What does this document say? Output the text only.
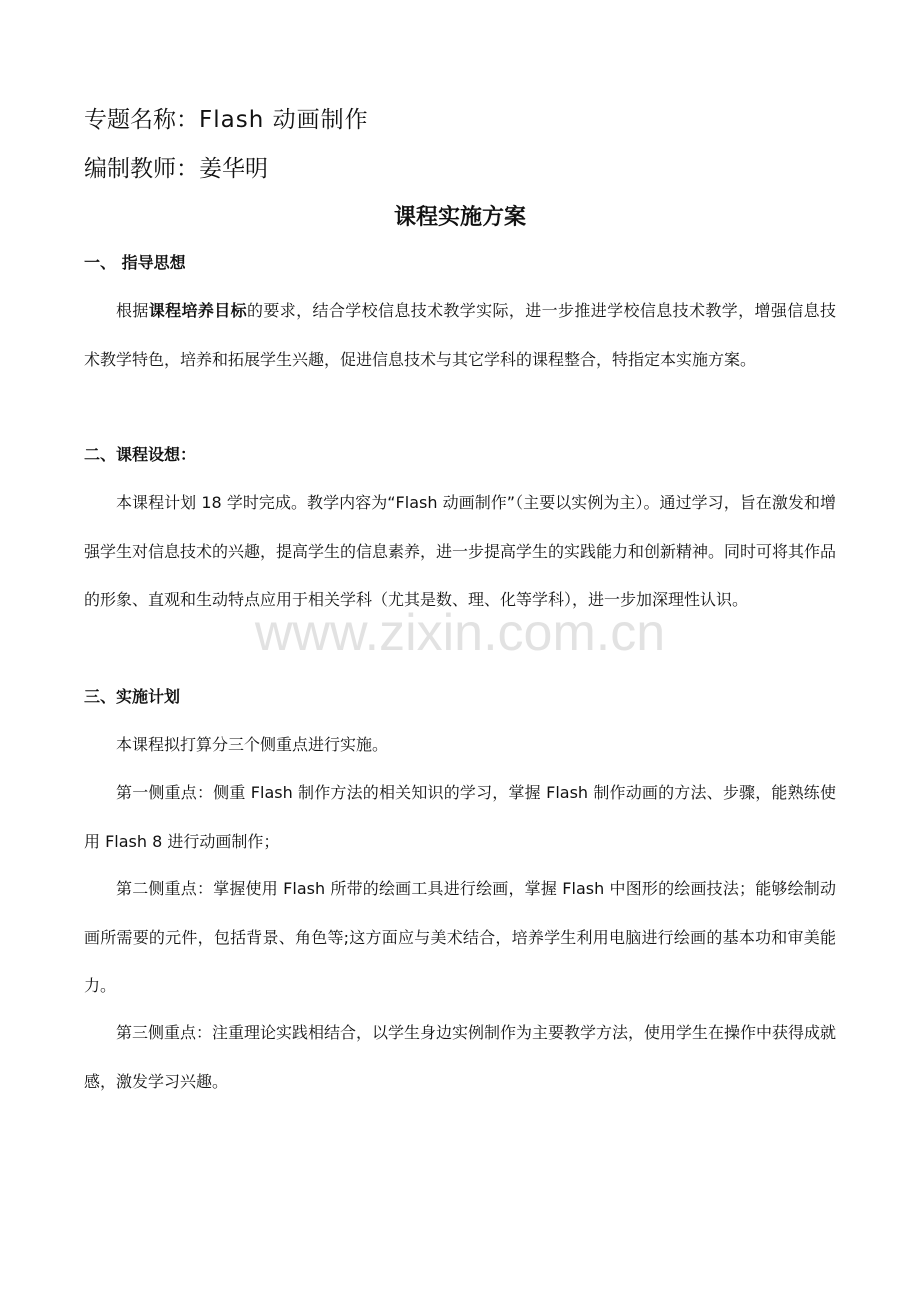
专题名称：Flash 动画制作
编制教师：姜华明
课程实施方案
一、 指导思想

根据课程培养目标的要求，结合学校信息技术教学实际，进一步推进学校信息技术教学，增强信息技术教学特色，培养和拓展学生兴趣，促进信息技术与其它学科的课程整合，特指定本实施方案。

二、课程设想：

本课程计划 18 学时完成。教学内容为“Flash 动画制作”（主要以实例为主）。通过学习，旨在激发和增强学生对信息技术的兴趣，提高学生的信息素养，进一步提高学生的实践能力和创新精神。同时可将其作品的形象、直观和生动特点应用于相关学科（尤其是数、理、化等学科），进一步加深理性认识。

三、实施计划

本课程拟打算分三个侧重点进行实施。

第一侧重点：侧重 Flash 制作方法的相关知识的学习，掌握 Flash 制作动画的方法、步骤，能熟练使用 Flash 8 进行动画制作；

第二侧重点：掌握使用 Flash 所带的绘画工具进行绘画，掌握 Flash 中图形的绘画技法；能够绘制动画所需要的元件，包括背景、角色等;这方面应与美术结合，培养学生利用电脑进行绘画的基本功和审美能力。

第三侧重点：注重理论实践相结合，以学生身边实例制作为主要教学方法，使用学生在操作中获得成就感，激发学习兴趣。

www.zixin.com.cn
